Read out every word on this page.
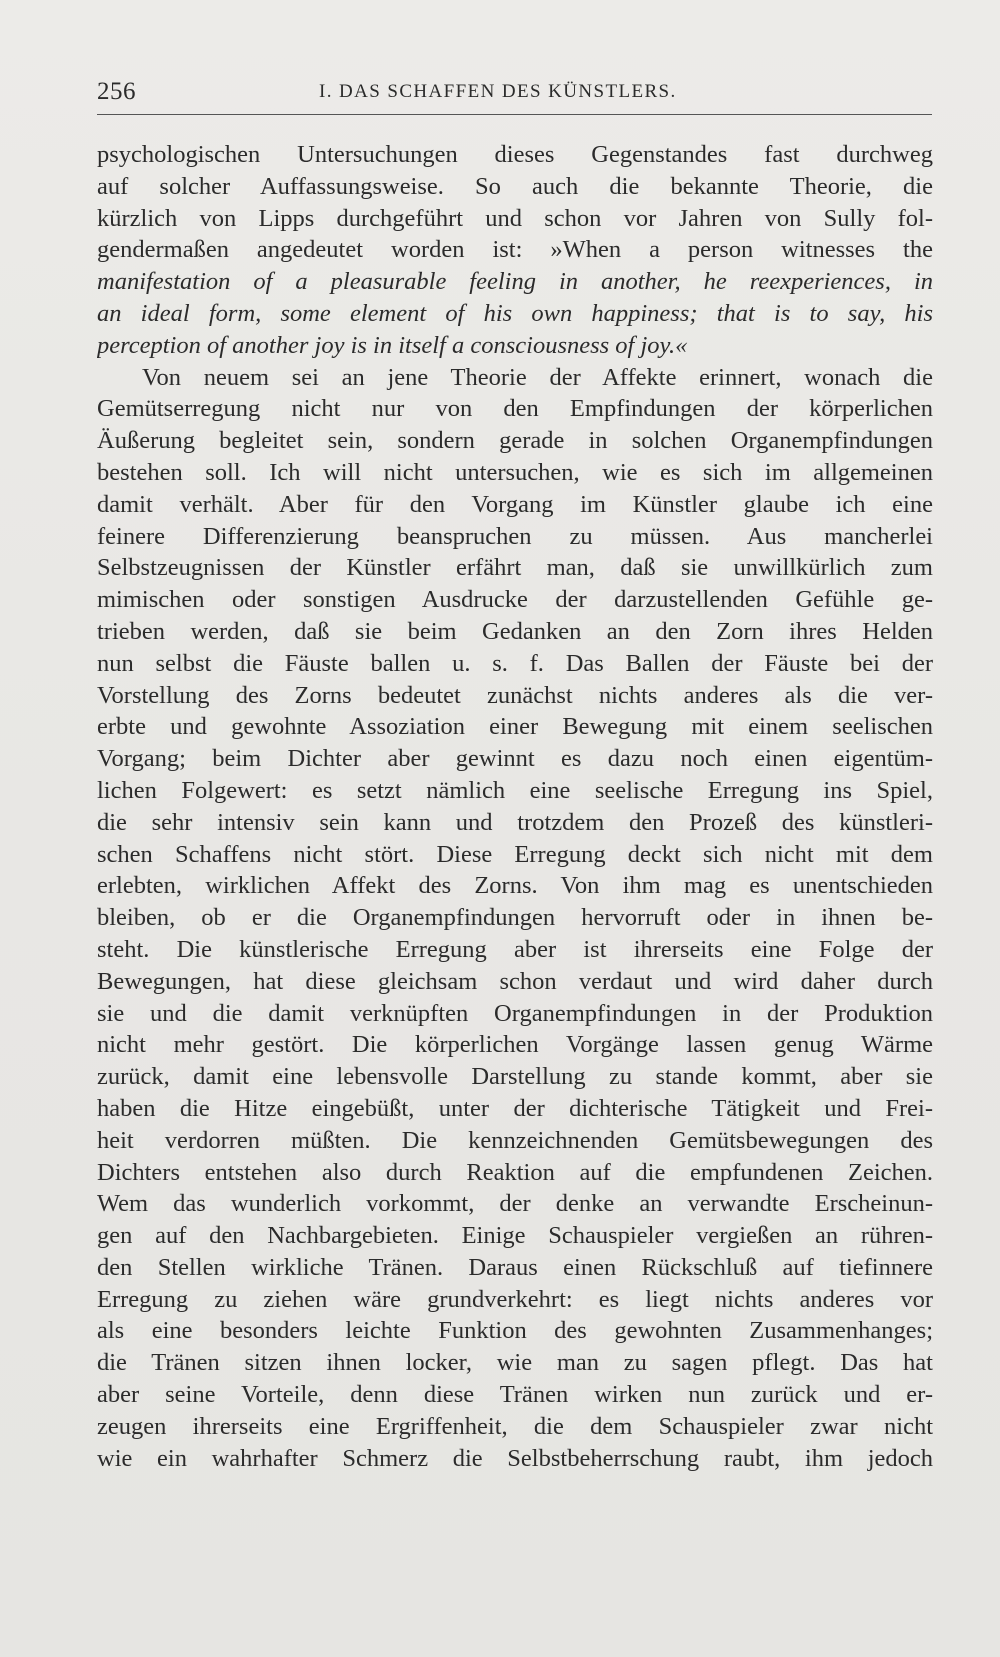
256	I. DAS SCHAFFEN DES KÜNSTLERS.
psychologischen Untersuchungen dieses Gegenstandes fast durchweg
auf solcher Auffassungsweise. So auch die bekannte Theorie, die
kürzlich von Lipps durchgeführt und schon vor Jahren von Sully fol-
gendermaßen angedeutet worden ist: »When a person witnesses the
manifestation of a pleasurable feeling in another, he reexperiences, in
an ideal form, some element of his own happiness; that is to say, his
perception of another joy is in itself a consciousness of joy.«
Von neuem sei an jene Theorie der Affekte erinnert, wonach die
Gemütserregung nicht nur von den Empfindungen der körperlichen
Äußerung begleitet sein, sondern gerade in solchen Organempfindungen
bestehen soll. Ich will nicht untersuchen, wie es sich im allgemeinen
damit verhält. Aber für den Vorgang im Künstler glaube ich eine
feinere Differenzierung beanspruchen zu müssen. Aus mancherlei
Selbstzeugnissen der Künstler erfährt man, daß sie unwillkürlich zum
mimischen oder sonstigen Ausdrucke der darzustellenden Gefühle ge-
trieben werden, daß sie beim Gedanken an den Zorn ihres Helden
nun selbst die Fäuste ballen u. s. f. Das Ballen der Fäuste bei der
Vorstellung des Zorns bedeutet zunächst nichts anderes als die ver-
erbte und gewohnte Assoziation einer Bewegung mit einem seelischen
Vorgang; beim Dichter aber gewinnt es dazu noch einen eigentüm-
lichen Folgewert: es setzt nämlich eine seelische Erregung ins Spiel,
die sehr intensiv sein kann und trotzdem den Prozeß des künstleri-
schen Schaffens nicht stört. Diese Erregung deckt sich nicht mit dem
erlebten, wirklichen Affekt des Zorns. Von ihm mag es unentschieden
bleiben, ob er die Organempfindungen hervorruft oder in ihnen be-
steht. Die künstlerische Erregung aber ist ihrerseits eine Folge der
Bewegungen, hat diese gleichsam schon verdaut und wird daher durch
sie und die damit verknüpften Organempfindungen in der Produktion
nicht mehr gestört. Die körperlichen Vorgänge lassen genug Wärme
zurück, damit eine lebensvolle Darstellung zu stande kommt, aber sie
haben die Hitze eingebüßt, unter der dichterische Tätigkeit und Frei-
heit verdorren müßten. Die kennzeichnenden Gemütsbewegungen des
Dichters entstehen also durch Reaktion auf die empfundenen Zeichen.
Wem das wunderlich vorkommt, der denke an verwandte Erscheinun-
gen auf den Nachbargebieten. Einige Schauspieler vergießen an rühren-
den Stellen wirkliche Tränen. Daraus einen Rückschluß auf tiefinnere
Erregung zu ziehen wäre grundverkehrt: es liegt nichts anderes vor
als eine besonders leichte Funktion des gewohnten Zusammenhanges;
die Tränen sitzen ihnen locker, wie man zu sagen pflegt. Das hat
aber seine Vorteile, denn diese Tränen wirken nun zurück und er-
zeugen ihrerseits eine Ergriffenheit, die dem Schauspieler zwar nicht
wie ein wahrhafter Schmerz die Selbstbeherrschung raubt, ihm jedoch
